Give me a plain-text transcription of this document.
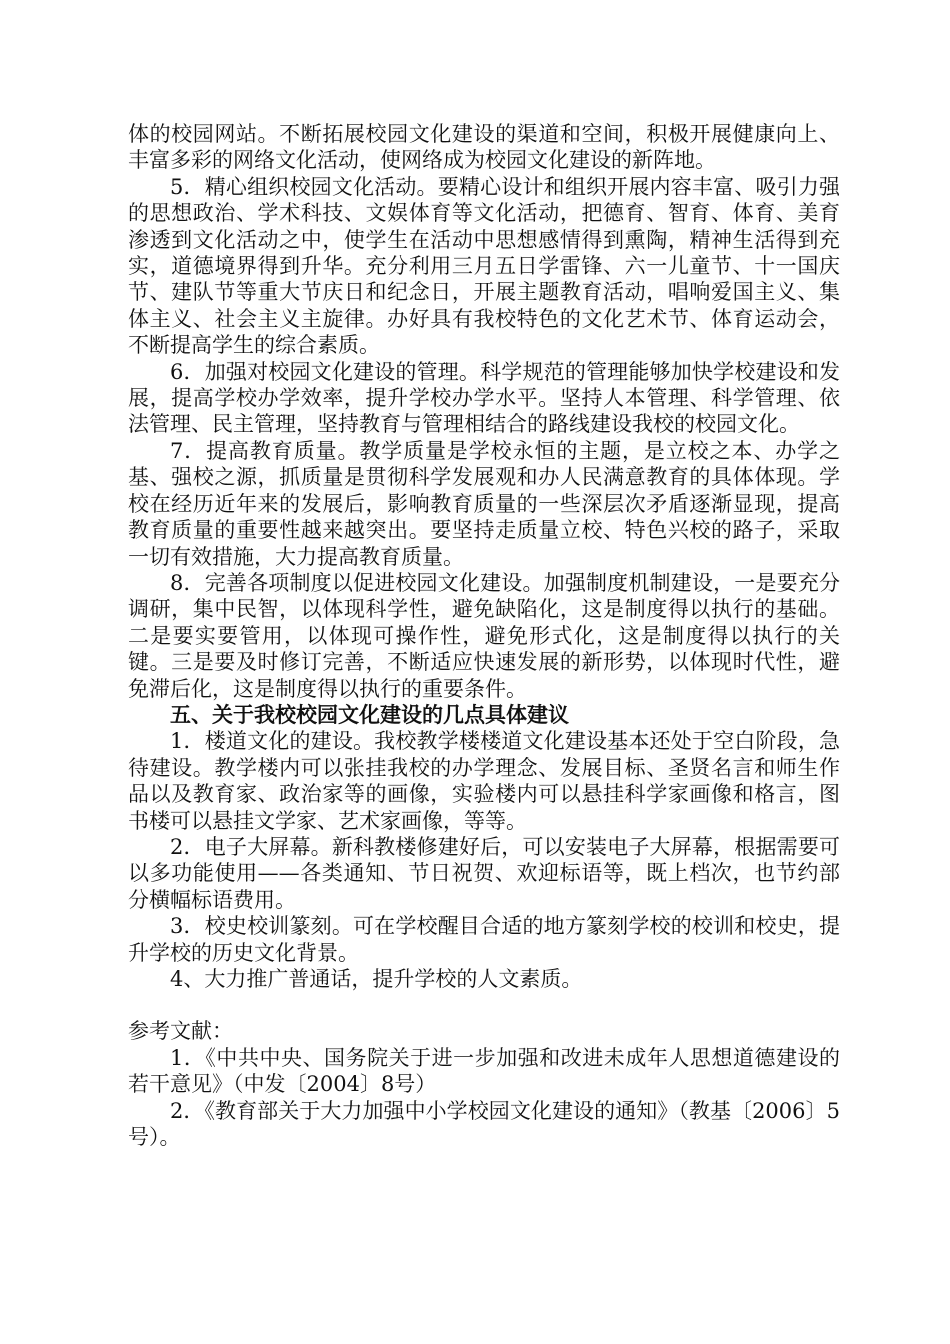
体的校园网站。不断拓展校园文化建设的渠道和空间，积极开展健康向上、丰富多彩的网络文化活动，使网络成为校园文化建设的新阵地。

5．精心组织校园文化活动。要精心设计和组织开展内容丰富、吸引力强的思想政治、学术科技、文娱体育等文化活动，把德育、智育、体育、美育渗透到文化活动之中，使学生在活动中思想感情得到熏陶，精神生活得到充实，道德境界得到升华。充分利用三月五日学雷锋、六一儿童节、十一国庆节、建队节等重大节庆日和纪念日，开展主题教育活动，唱响爱国主义、集体主义、社会主义主旋律。办好具有我校特色的文化艺术节、体育运动会，不断提高学生的综合素质。

6．加强对校园文化建设的管理。科学规范的管理能够加快学校建设和发展，提高学校办学效率，提升学校办学水平。坚持人本管理、科学管理、依法管理、民主管理，坚持教育与管理相结合的路线建设我校的校园文化。

7．提高教育质量。教学质量是学校永恒的主题，是立校之本、办学之基、强校之源，抓质量是贯彻科学发展观和办人民满意教育的具体体现。学校在经历近年来的发展后，影响教育质量的一些深层次矛盾逐渐显现，提高教育质量的重要性越来越突出。要坚持走质量立校、特色兴校的路子，采取一切有效措施，大力提高教育质量。

8．完善各项制度以促进校园文化建设。加强制度机制建设，一是要充分调研，集中民智，以体现科学性，避免缺陷化，这是制度得以执行的基础。二是要实要管用，以体现可操作性，避免形式化，这是制度得以执行的关键。三是要及时修订完善，不断适应快速发展的新形势，以体现时代性，避免滞后化，这是制度得以执行的重要条件。

五、关于我校校园文化建设的几点具体建议

1．楼道文化的建设。我校教学楼楼道文化建设基本还处于空白阶段，急待建设。教学楼内可以张挂我校的办学理念、发展目标、圣贤名言和师生作品以及教育家、政治家等的画像，实验楼内可以悬挂科学家画像和格言，图书楼可以悬挂文学家、艺术家画像，等等。

2．电子大屏幕。新科教楼修建好后，可以安装电子大屏幕，根据需要可以多功能使用——各类通知、节日祝贺、欢迎标语等，既上档次，也节约部分横幅标语费用。

3．校史校训篆刻。可在学校醒目合适的地方篆刻学校的校训和校史，提升学校的历史文化背景。

4、大力推广普通话，提升学校的人文素质。

参考文献：

1．《中共中央、国务院关于进一步加强和改进未成年人思想道德建设的若干意见》（中发〔2004〕8号）

2．《教育部关于大力加强中小学校园文化建设的通知》（教基〔2006〕5号）。
